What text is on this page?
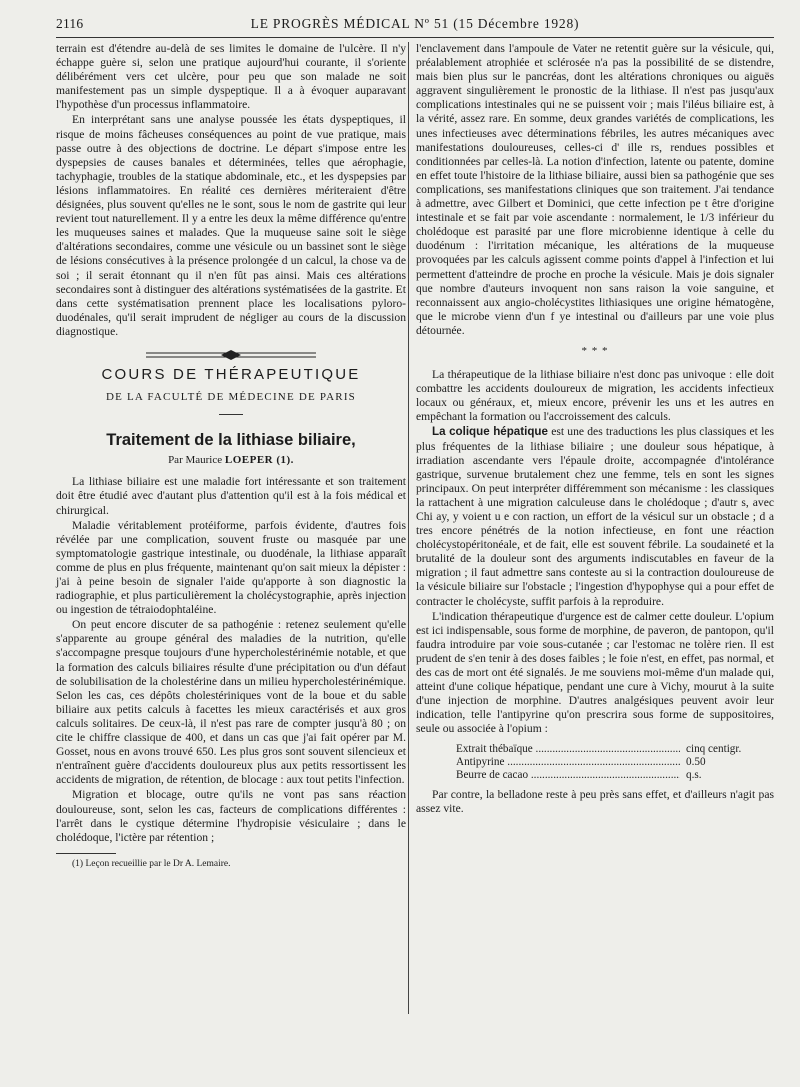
2116	LE PROGRÈS MÉDICAL Nº 51 (15 Décembre 1928)

terrain est d'étendre au-delà de ses limites le domaine de l'ulcère. Il n'y échappe guère si, selon une pratique aujourd'hui courante, il s'oriente délibérément vers cet ulcère, pour peu que son malade ne soit manifestement pas un simple dyspeptique. Il a à évoquer auparavant l'hypothèse d'un processus inflammatoire.

En interprétant sans une analyse poussée les états dyspeptiques, il risque de moins fâcheuses conséquences au point de vue pratique, mais passe outre à des objections de doctrine. Le départ s'impose entre les dyspepsies de causes banales et déterminées, telles que aérophagie, tachyphagie, troubles de la statique abdominale, etc., et les dyspepsies par lésions inflammatoires. En réalité ces dernières mériteraient d'être désignées, plus souvent qu'elles ne le sont, sous le nom de gastrite qui leur revient tout naturellement. Il y a entre les deux la même différence qu'entre les muqueuses saines et malades. Que la muqueuse saine soit le siège d'altérations secondaires, comme une vésicule ou un bassinet sont le siège de lésions consécutives à la présence prolongée d un calcul, la chose va de soi ; il serait étonnant qu il n'en fût pas ainsi. Mais ces altérations secondaires sont à distinguer des altérations systématisées de la gastrite. Et dans cette systématisation prennent place les localisations pyloro-duodénales, qu'il serait imprudent de négliger au cours de la discussion diagnostique.

COURS DE THÉRAPEUTIQUE
DE LA FACULTÉ DE MÉDECINE DE PARIS
Traitement de la lithiase biliaire,
Par Maurice LOEPER (1).

La lithiase biliaire est une maladie fort intéressante et son traitement doit être étudié avec d'autant plus d'attention qu'il est à la fois médical et chirurgical.

Maladie véritablement protéiforme, parfois évidente, d'autres fois révélée par une complication, souvent fruste ou masquée par une symptomatologie gastrique intestinale, ou duodénale, la lithiase apparaît comme de plus en plus fréquente, maintenant qu'on sait mieux la dépister : j'ai à peine besoin de signaler l'aide qu'apporte à son diagnostic la radiographie, et plus particulièrement la cholécystographie, après injection ou ingestion de tétraiodophtaléine.

On peut encore discuter de sa pathogénie : retenez seulement qu'elle s'apparente au groupe général des maladies de la nutrition, qu'elle s'accompagne presque toujours d'une hypercholestérinémie notable, et que la formation des calculs biliaires résulte d'une précipitation ou d'un défaut de solubilisation de la cholestérine dans un milieu hypercholestérinémique. Selon les cas, ces dépôts cholestériniques vont de la boue et du sable biliaire aux petits calculs à facettes les mieux caractérisés et aux gros calculs solitaires. De ceux-là, il n'est pas rare de compter jusqu'à 80 ; on cite le chiffre classique de 400, et dans un cas que j'ai fait opérer par M. Gosset, nous en avons trouvé 650. Les plus gros sont souvent silencieux et n'entraînent guère d'accidents douloureux plus aux petits ressortissent les accidents de migration, de rétention, de blocage : aux tout petits l'infection.

Migration et blocage, outre qu'ils ne vont pas sans réaction douloureuse, sont, selon les cas, facteurs de complications différentes : l'arrêt dans le cystique détermine l'hydropisie vésiculaire ; dans le cholédoque, l'ictère par rétention ;

(1) Leçon recueillie par le Dr A. Lemaire.

l'enclavement dans l'ampoule de Vater ne retentit guère sur la vésicule, qui, préalablement atrophiée et sclérosée n'a pas la possibilité de se distendre, mais bien plus sur le pancréas, dont les altérations chroniques ou aiguës aggravent singulièrement le pronostic de la lithiase. Il n'est pas jusqu'aux complications intestinales qui ne se puissent voir ; mais l'iléus biliaire est, à la vérité, assez rare. En somme, deux grandes variétés de complications, les unes infectieuses avec déterminations fébriles, les autres mécaniques avec manifestations douloureuses, celles-ci d' ille rs, rendues possibles et conditionnées par celles-là. La notion d'infection, latente ou patente, domine en effet toute l'histoire de la lithiase biliaire, aussi bien sa pathogénie que ses complications, ses manifestations cliniques que son traitement. J'ai tendance à admettre, avec Gilbert et Dominici, que cette infection pe t être d'origine intestinale et se fait par voie ascendante : normalement, le 1/3 inférieur du cholédoque est parasité par une flore microbienne identique à celle du duodénum : l'irritation mécanique, les altérations de la muqueuse provoquées par les calculs agissent comme points d'appel à l'infection et lui permettent d'atteindre de proche en proche la vésicule. Mais je dois signaler que nombre d'auteurs invoquent non sans raison la voie sanguine, et reconnaissent aux angio-cholécystites lithiasiques une origine hématogène, que le microbe vienn d'un f ye intestinal ou d'ailleurs par une voie plus détournée.

* * *

La thérapeutique de la lithiase biliaire n'est donc pas univoque : elle doit combattre les accidents douloureux de migration, les accidents infectieux locaux ou généraux, et, mieux encore, prévenir les uns et les autres en empêchant la formation ou l'accroissement des calculs.

La colique hépatique est une des traductions les plus classiques et les plus fréquentes de la lithiase biliaire ; une douleur sous hépatique, à irradiation ascendante vers l'épaule droite, accompagnée d'intolérance gastrique, survenue brutalement chez une femme, tels en sont les signes principaux. On peut interpréter différemment son mécanisme : les classiques la rattachent à une migration calculeuse dans le cholédoque ; d'autr s, avec Chi ay, y voient u e con raction, un effort de la vésicul sur un obstacle ; d a tres encore pénétrés de la notion infectieuse, en font une réaction cholécystopéritonéale, et de fait, elle est souvent fébrile. La soudaineté et la brutalité de la douleur sont des arguments indiscutables en faveur de la migration ; il faut admettre sans conteste au si la contraction douloureuse de la vésicule biliaire sur l'obstacle ; l'ingestion d'hypophyse qui a pour effet de contracter le cholécyste, suffit parfois à la reproduire.

L'indication thérapeutique d'urgence est de calmer cette douleur. L'opium est ici indispensable, sous forme de morphine, de paveron, de pantopon, qu'il faudra introduire par voie sous-cutanée ; car l'estomac ne tolère rien. Il est prudent de s'en tenir à des doses faibles ; le foie n'est, en effet, pas normal, et des cas de mort ont été signalés. Je me souviens moi-même d'un malade qui, atteint d'une colique hépatique, pendant une cure à Vichy, mourut à la suite d'une injection de morphine. D'autres analgésiques peuvent avoir leur indication, telle l'antipyrine qu'on prescrira sous forme de suppositoires, seule ou associée à l'opium :

Extrait thébaïque .....	cinq centigr.
Antipyrine .....	0.50
Beurre de cacao .....	q.s.

Par contre, la belladone reste à peu près sans effet, et d'ailleurs n'agit pas assez vite.
